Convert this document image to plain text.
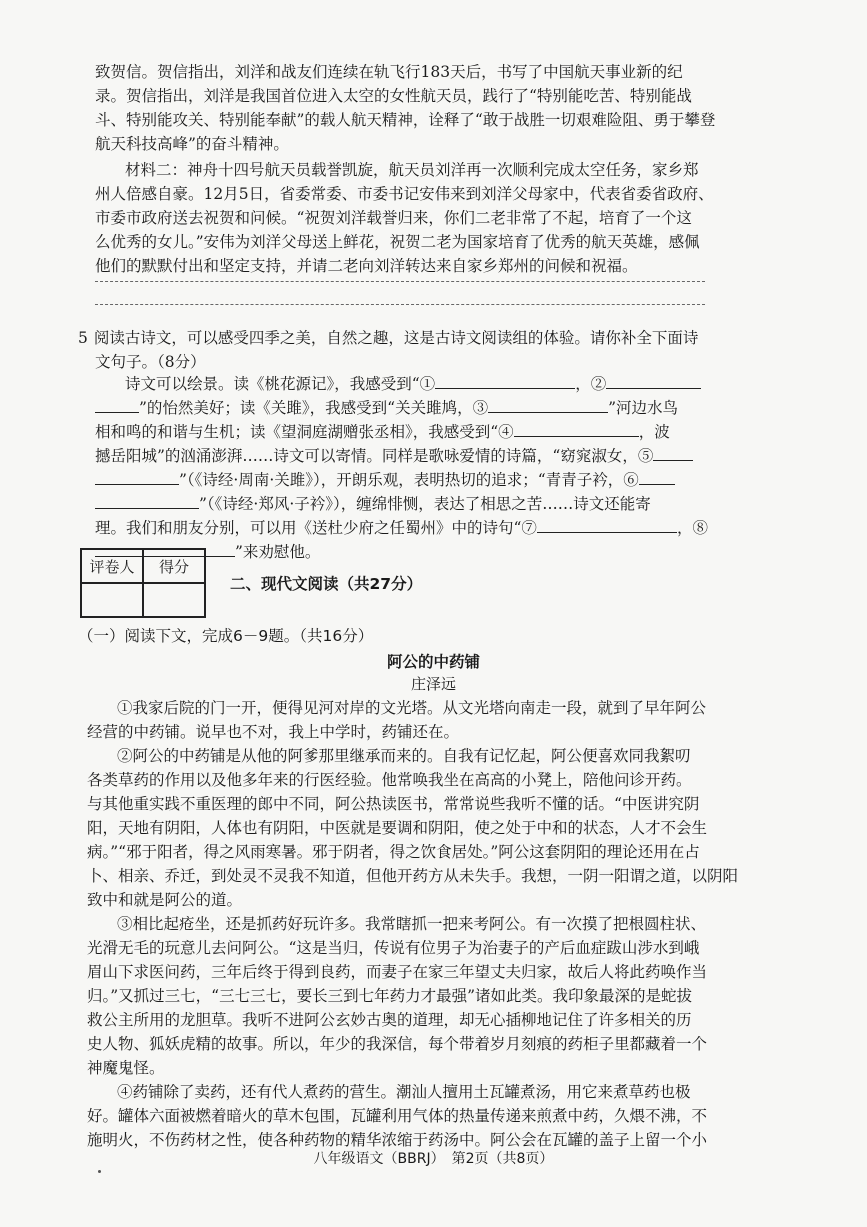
致贺信。贺信指出，刘洋和战友们连续在轨飞行183天后，书写了中国航天事业新的纪
录。贺信指出，刘洋是我国首位进入太空的女性航天员，践行了“特别能吃苦、特别能战
斗、特别能攻关、特别能奉献”的载人航天精神，诠释了“敢于战胜一切艰难险阻、勇于攀登
航天科技高峰”的奋斗精神。
材料二：神舟十四号航天员载誉凯旋，航天员刘洋再一次顺利完成太空任务，家乡郑
州人倍感自豪。12月5日，省委常委、市委书记安伟来到刘洋父母家中，代表省委省政府、
市委市政府送去祝贺和问候。“祝贺刘洋载誉归来，你们二老非常了不起，培育了一个这
么优秀的女儿。”安伟为刘洋父母送上鲜花，祝贺二老为国家培育了优秀的航天英雄，感佩
他们的默默付出和坚定支持，并请二老向刘洋转达来自家乡郑州的问候和祝福。
5 阅读古诗文，可以感受四季之美，自然之趣，这是古诗文阅读组的体验。请你补全下面诗
文句子。（8分）
诗文可以绘景。读《桃花源记》，我感受到“①	，②
”的怡然美好；读《关雎》，我感受到“关关雎鸠，③	”河边水鸟
相和鸣的和谐与生机；读《望洞庭湖赠张丞相》，我感受到“④	，波
撼岳阳城”的汹涌澎湃……诗文可以寄情。同样是歌咏爱情的诗篇，“窈窕淑女，⑤
”（《诗经·周南·关雎》），开朗乐观，表明热切的追求；“青青子衿，⑥
”（《诗经·郑风·子衿》），缠绵悱恻，表达了相思之苦……诗文还能寄
理。我们和朋友分别，可以用《送杜少府之任蜀州》中的诗句“⑦	，⑧
”来劝慰他。
评卷人	得分

二、现代文阅读（共27分）
（一）阅读下文，完成6－9题。（共16分）
阿公的中药铺
庄泽远
①我家后院的门一开，便得见河对岸的文光塔。从文光塔向南走一段，就到了早年阿公
经营的中药铺。说早也不对，我上中学时，药铺还在。
②阿公的中药铺是从他的阿爹那里继承而来的。自我有记忆起，阿公便喜欢同我絮叨
各类草药的作用以及他多年来的行医经验。他常唤我坐在高高的小凳上，陪他问诊开药。
与其他重实践不重医理的郎中不同，阿公热读医书，常常说些我听不懂的话。“中医讲究阴
阳，天地有阴阳，人体也有阴阳，中医就是要调和阴阳，使之处于中和的状态，人才不会生
病。”“邪于阳者，得之风雨寒暑。邪于阴者，得之饮食居处。”阿公这套阴阳的理论还用在占
卜、相亲、乔迁，到处灵不灵我不知道，但他开药方从未失手。我想，一阴一阳谓之道，以阴阳
致中和就是阿公的道。
③相比起疮坐，还是抓药好玩许多。我常瞎抓一把来考阿公。有一次摸了把根圆柱状、
光滑无毛的玩意儿去问阿公。“这是当归，传说有位男子为治妻子的产后血症跋山涉水到峨
眉山下求医问药，三年后终于得到良药，而妻子在家三年望丈夫归家，故后人将此药唤作当
归。”又抓过三七，“三七三七，要长三到七年药力才最强”诸如此类。我印象最深的是蛇拔
救公主所用的龙胆草。我听不进阿公玄妙古奥的道理，却无心插柳地记住了许多相关的历
史人物、狐妖虎精的故事。所以，年少的我深信，每个带着岁月刻痕的药柜子里都藏着一个
神魔鬼怪。
④药铺除了卖药，还有代人煮药的营生。潮汕人擅用土瓦罐煮汤，用它来煮草药也极
好。罐体六面被燃着暗火的草木包围，瓦罐利用气体的热量传递来煎煮中药，久煨不沸，不
施明火，不伤药材之性，使各种药物的精华浓缩于药汤中。阿公会在瓦罐的盖子上留一个小
八年级语文（BBRJ）　第2页（共8页）
